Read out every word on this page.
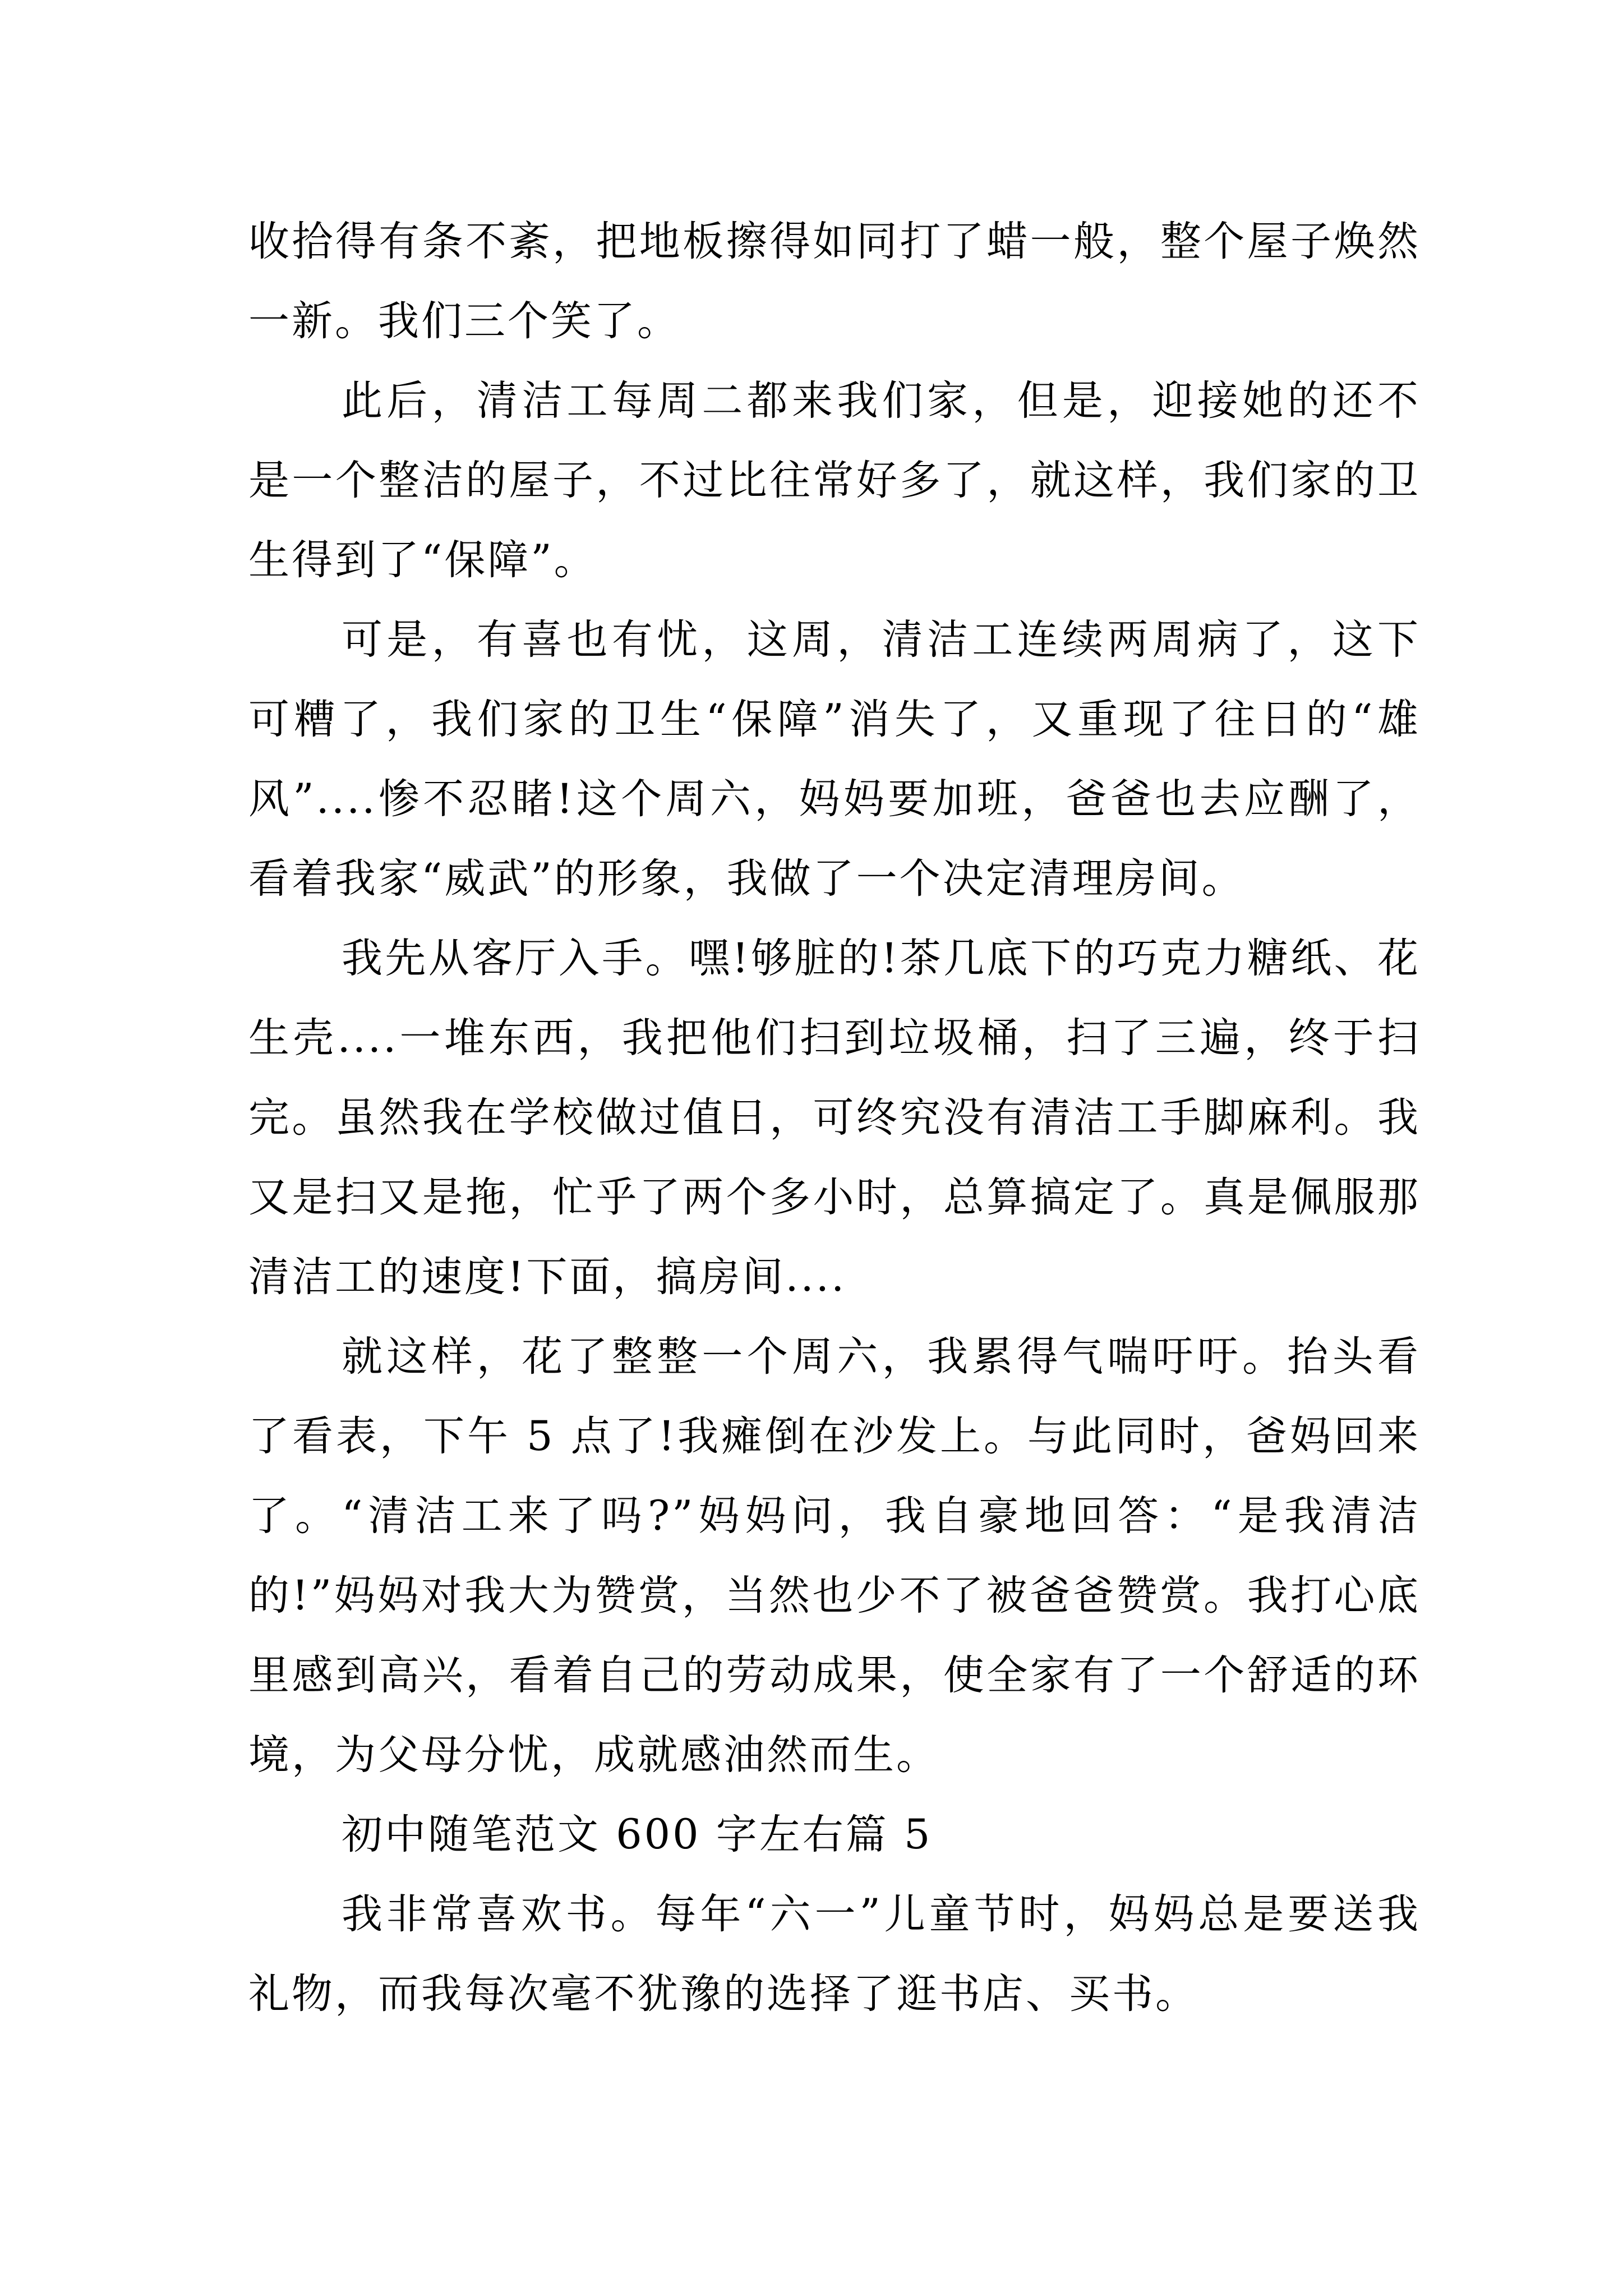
收拾得有条不紊，把地板擦得如同打了蜡一般，整个屋子焕然一新。我们三个笑了。

此后，清洁工每周二都来我们家，但是，迎接她的还不是一个整洁的屋子，不过比往常好多了，就这样，我们家的卫生得到了“保障”。

可是，有喜也有忧，这周，清洁工连续两周病了，这下可糟了，我们家的卫生“保障”消失了，又重现了往日的“雄风”....惨不忍睹!这个周六，妈妈要加班，爸爸也去应酬了，看着我家“威武”的形象，我做了一个决定清理房间。

我先从客厅入手。嘿!够脏的!茶几底下的巧克力糖纸、花生壳....一堆东西，我把他们扫到垃圾桶，扫了三遍，终于扫完。虽然我在学校做过值日，可终究没有清洁工手脚麻利。我又是扫又是拖，忙乎了两个多小时，总算搞定了。真是佩服那清洁工的速度!下面，搞房间....

就这样，花了整整一个周六，我累得气喘吁吁。抬头看了看表，下午 5 点了!我瘫倒在沙发上。与此同时，爸妈回来了。“清洁工来了吗?”妈妈问，我自豪地回答：“是我清洁的!”妈妈对我大为赞赏，当然也少不了被爸爸赞赏。我打心底里感到高兴，看着自己的劳动成果，使全家有了一个舒适的环境，为父母分忧，成就感油然而生。

初中随笔范文 600 字左右篇 5

我非常喜欢书。每年“六一”儿童节时，妈妈总是要送我礼物，而我每次毫不犹豫的选择了逛书店、买书。
